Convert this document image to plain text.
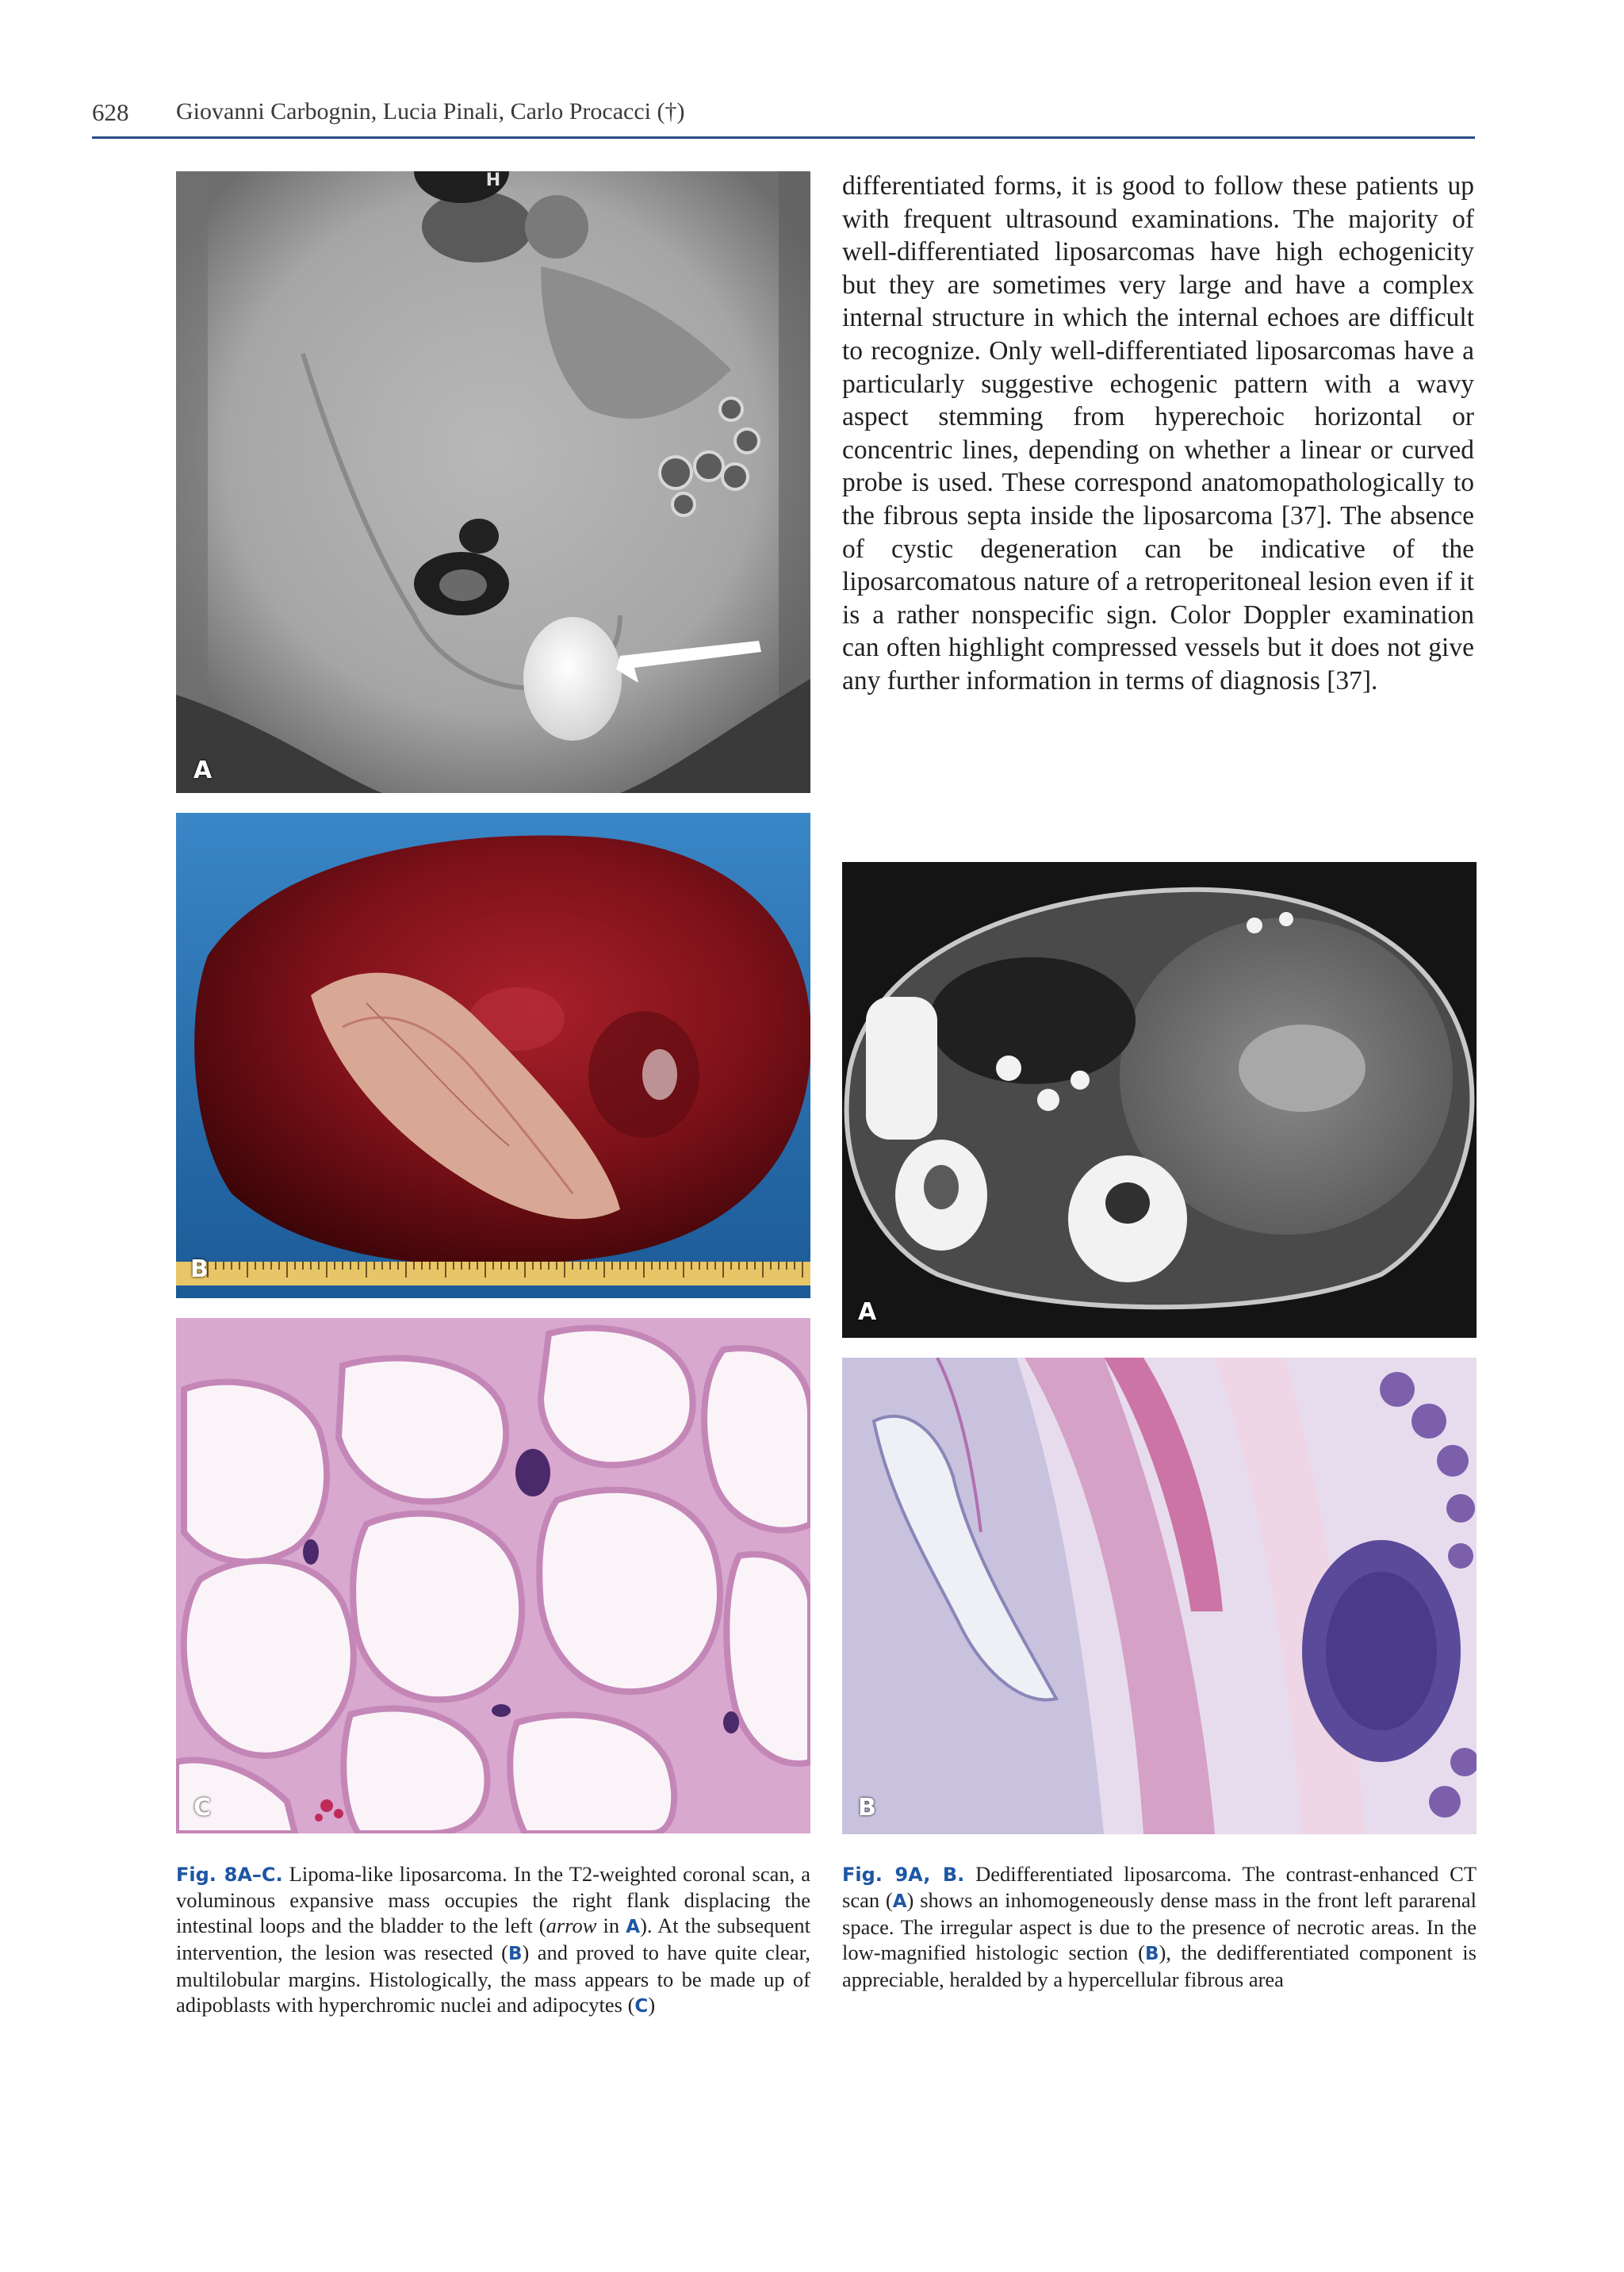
628 Giovanni Carbognin, Lucia Pinali, Carlo Procacci (†)

differentiated forms, it is good to follow these patients up with frequent ultrasound examinations. The majority of well-differentiated liposarcomas have high echogenicity but they are sometimes very large and have a complex internal structure in which the internal echoes are difficult to recognize. Only well-differentiated liposarcomas have a particularly suggestive echogenic pattern with a wavy aspect stemming from hyperechoic horizontal or concentric lines, depending on whether a linear or curved probe is used. These correspond anatomopathologically to the fibrous septa inside the liposarcoma [37]. The absence of cystic degeneration can be indicative of the liposarcomatous nature of a retroperitoneal lesion even if it is a rather nonspecific sign. Color Doppler examination can often highlight compressed vessels but it does not give any further information in terms of diagnosis [37].

H
A
B
C
A
B
Fig. 8A–C. Lipoma-like liposarcoma. In the T2-weighted coronal scan, a voluminous expansive mass occupies the right flank displacing the intestinal loops and the bladder to the left (arrow in A). At the subsequent intervention, the lesion was resected (B) and proved to have quite clear, multilobular margins. Histologically, the mass appears to be made up of adipoblasts with hyperchromic nuclei and adipocytes (C)
Fig. 9A, B. Dedifferentiated liposarcoma. The contrast-enhanced CT scan (A) shows an inhomogeneously dense mass in the front left pararenal space. The irregular aspect is due to the presence of necrotic areas. In the low-magnified histologic section (B), the dedifferentiated component is appreciable, heralded by a hypercellular fibrous area
